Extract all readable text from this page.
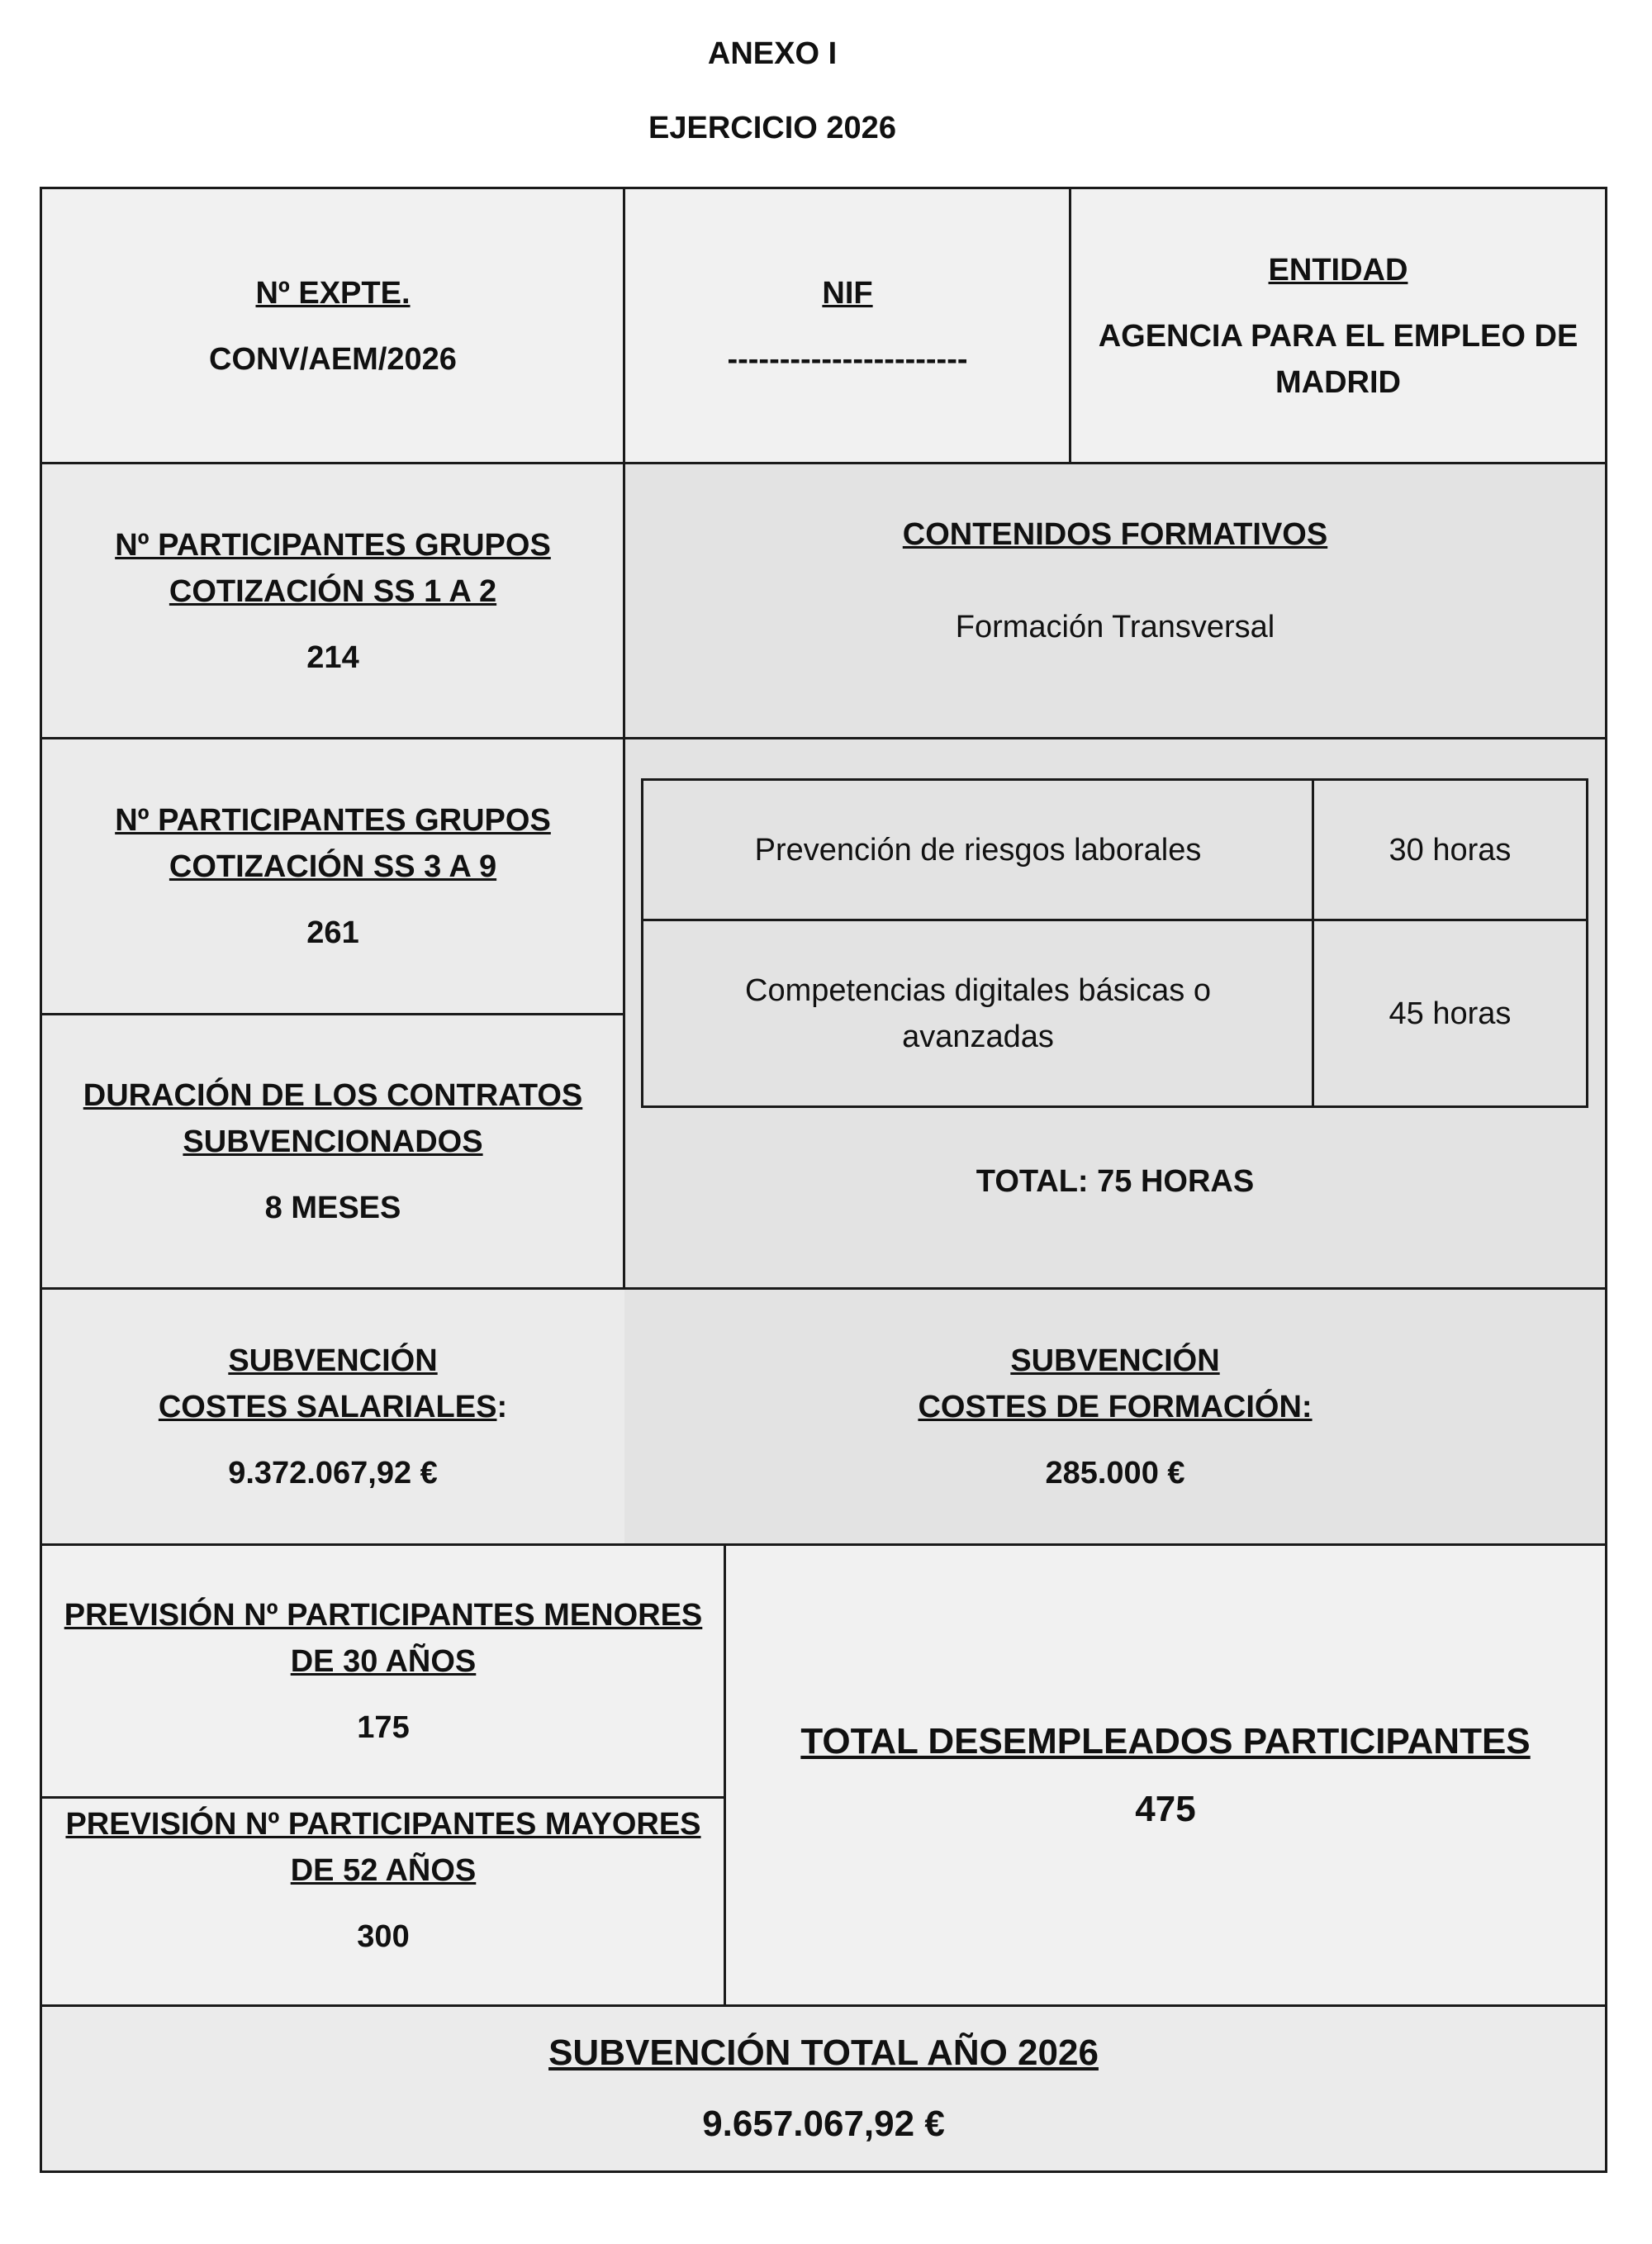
ANEXO I
EJERCICIO 2026
Nº EXPTE.
CONV/AEM/2026
NIF
-----------------------
ENTIDAD
AGENCIA PARA EL EMPLEO DE MADRID
Nº PARTICIPANTES GRUPOS COTIZACIÓN SS 1 A 2
214
CONTENIDOS FORMATIVOS
Formación Transversal
Nº PARTICIPANTES GRUPOS COTIZACIÓN SS 3 A 9
261
DURACIÓN DE LOS CONTRATOS SUBVENCIONADOS
8 MESES
Prevención de riesgos laborales	30 horas
Competencias digitales básicas o avanzadas
45 horas
TOTAL: 75 HORAS
SUBVENCIÓN
COSTES SALARIALES:
9.372.067,92 €
SUBVENCIÓN
COSTES DE FORMACIÓN:
285.000 €
PREVISIÓN Nº PARTICIPANTES MENORES DE 30 AÑOS
175
PREVISIÓN Nº PARTICIPANTES MAYORES DE 52 AÑOS
300
TOTAL DESEMPLEADOS PARTICIPANTES
475
SUBVENCIÓN TOTAL AÑO 2026
9.657.067,92 €
